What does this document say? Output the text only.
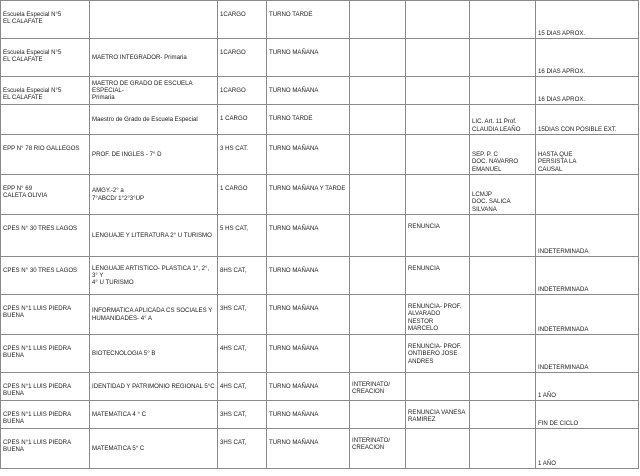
Escuela Especial N°5
EL CALAFATE		1CARGO	TURNO TARDE				15 DIAS APROX.
Escuela Especial N°5
EL CALAFATE	MAETRO INTEGRADOR- Primaria	1CARGO	TURNO MAÑANA				16 DIAS APROX.
Escuela Especial N°5
EL CALAFATE	MAETRO DE GRADO DE ESCUELA ESPECIAL-
Primaria	1CARGO	TURNO MAÑANA				16 DIAS APROX.
	Maestro de Grado de Escuela Especial	1 CARGO	TURNO TARDE			LIC. Art. 11 Prof.
CLAUDIA LEAÑO	15DIAS CON POSIBLE EXT.
EPP N° 78 RIO GALLEGOS	PROF. DE INGLES - 7° D	3 HS CAT.	TURNO MAÑANA			SEP. P. C
DOC. NAVARRO
EMANUEL	HASTA QUE
PERSISTA LA
CAUSAL
EPP N° 69
CALETA OLIVIA	AMGY.-2° a
7°ABCD/ 1°2°3°UP	1 CARGO	TURNO MAÑANA Y TARDE			LCMJP
DOC. SALICA
SILVANA	
CPES N° 30 TRES LAGOS	LENGUAJE Y LITERATURA 2° U TURISMO	5 HS CAT,	TURNO MAÑANA		RENUNCIA		INDETERMINADA
CPES N° 30 TRES LAGOS	LENGUAJE ARTISTICO- PLASTICA 1°, 2°, 3° Y
4° U TURISMO	8HS CAT,	TURNO MAÑANA		RENUNCIA		INDETERMINADA
CPES N°1 LUIS PIEDRA BUENA	INFORMATICA APLICADA CS SOCIALES Y
HUMANIDADES- 4° A	3HS CAT,	TURNO MAÑANA		RENUNCIA- PROF.
ALVARADO NESTOR
MARCELO		INDETERMINADA
CPES N°1 LUIS PIEDRA BUENA	BIOTECNOLOGIA 5° B	4HS CAT,	TURNO MAÑANA		RENUNCIA- PROF.
ONTIBERO JOSE
ANDRES		INDETERMINADA
CPES N°1 LUIS PIEDRA BUENA	IDENTIDAD Y PATRIMONIO REGIONAL 5°C	4HS CAT,	TURNO MAÑANA	INTERINATO/
CREACION			1 AÑO
CPES N°1 LUIS PIEDRA BUENA	MATEMATICA 4 ° C	3HS CAT,	TURNO MAÑANA		RENUNCIA VANESA
RAMIREZ		FIN DE CICLO
CPES N°1 LUIS PIEDRA BUENA	MATEMATICA 5° C	3HS CAT,	TURNO MAÑANA	INTERINATO/
CREACION			1 AÑO
